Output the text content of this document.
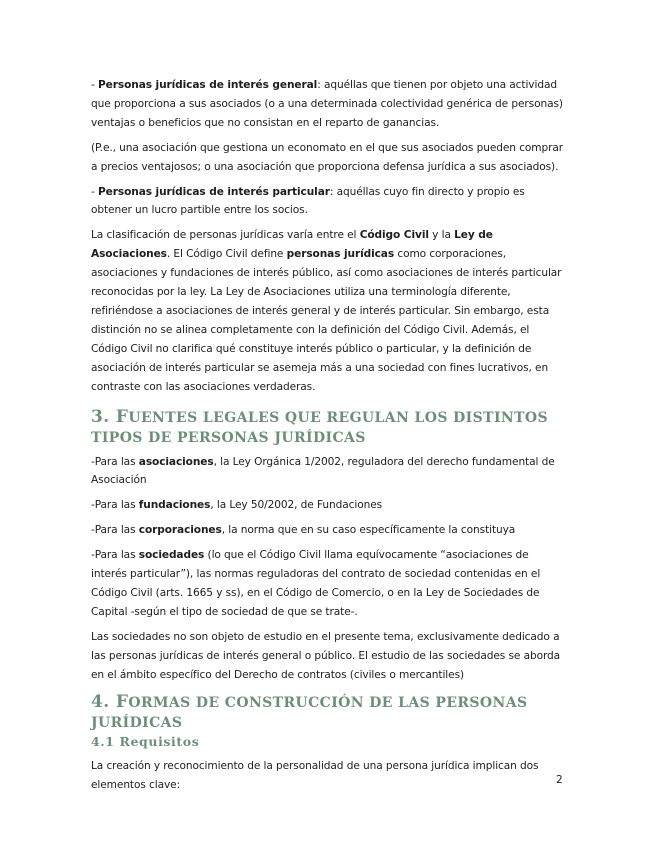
- Personas jurídicas de interés general: aquéllas que tienen por objeto una actividad que proporciona a sus asociados (o a una determinada colectividad genérica de personas) ventajas o beneficios que no consistan en el reparto de ganancias.

(P.e., una asociación que gestiona un economato en el que sus asociados pueden comprar a precios ventajosos; o una asociación que proporciona defensa jurídica a sus asociados).

- Personas jurídicas de interés particular: aquéllas cuyo fin directo y propio es obtener un lucro partible entre los socios.

La clasificación de personas jurídicas varía entre el Código Civil y la Ley de Asociaciones. El Código Civil define personas jurídicas como corporaciones, asociaciones y fundaciones de interés público, así como asociaciones de interés particular reconocidas por la ley. La Ley de Asociaciones utiliza una terminología diferente, refiriéndose a asociaciones de interés general y de interés particular. Sin embargo, esta distinción no se alinea completamente con la definición del Código Civil. Además, el Código Civil no clarifica qué constituye interés público o particular, y la definición de asociación de interés particular se asemeja más a una sociedad con fines lucrativos, en contraste con las asociaciones verdaderas.

3. FUENTES LEGALES QUE REGULAN LOS DISTINTOS TIPOS DE PERSONAS JURÍDICAS

-Para las asociaciones, la Ley Orgánica 1/2002, reguladora del derecho fundamental de Asociación

-Para las fundaciones, la Ley 50/2002, de Fundaciones

-Para las corporaciones, la norma que en su caso específicamente la constituya

-Para las sociedades (lo que el Código Civil llama equívocamente “asociaciones de interés particular”), las normas reguladoras del contrato de sociedad contenidas en el Código Civil (arts. 1665 y ss), en el Código de Comercio, o en la Ley de Sociedades de Capital -según el tipo de sociedad de que se trate-.

Las sociedades no son objeto de estudio en el presente tema, exclusivamente dedicado a las personas jurídicas de interés general o público. El estudio de las sociedades se aborda en el ámbito específico del Derecho de contratos (civiles o mercantiles)

4. FORMAS DE CONSTRUCCIÓN DE LAS PERSONAS JURÍDICAS
4.1 Requisitos

La creación y reconocimiento de la personalidad de una persona jurídica implican dos elementos clave:	2
